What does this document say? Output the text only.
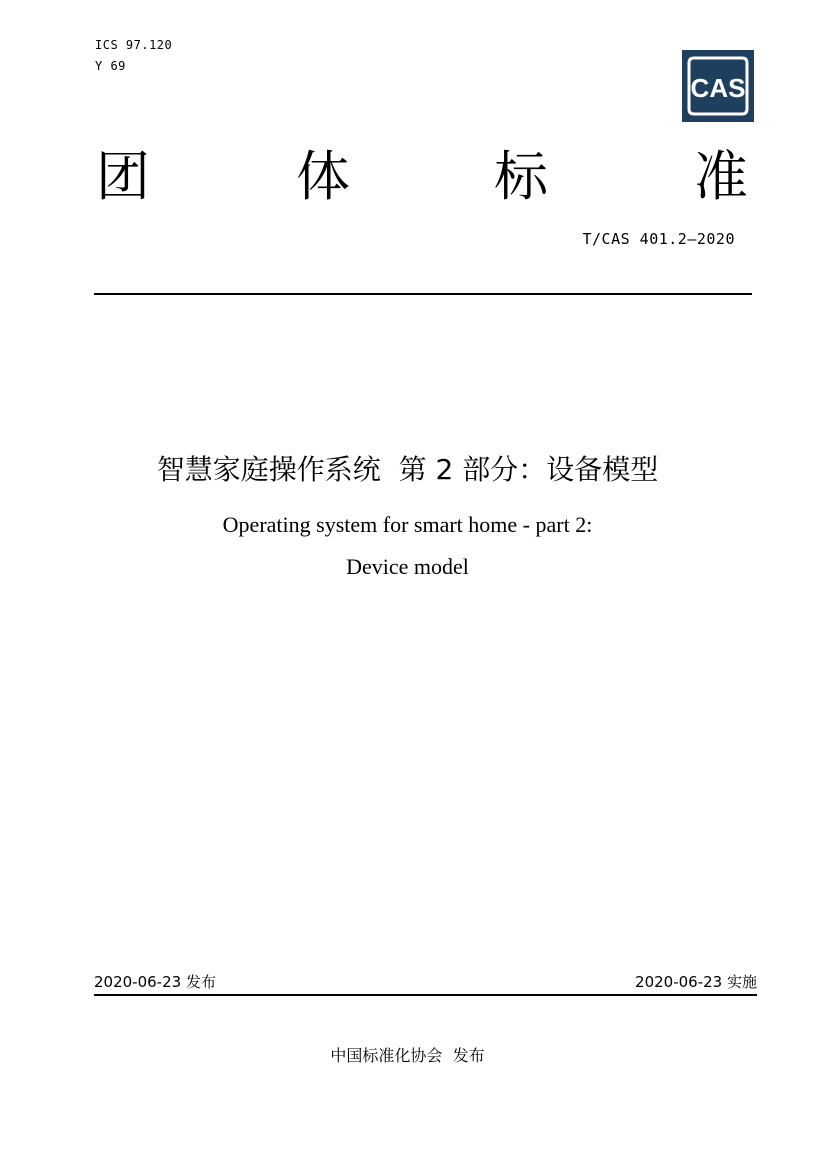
ICS 97.120
Y 69
CAS
团	体	标	准
T/CAS 401.2—2020
智慧家庭操作系统  第 2 部分：设备模型
Operating system for smart home - part 2:
Device model
2020-06-23 发布	2020-06-23 实施
中国标准化协会  发布
